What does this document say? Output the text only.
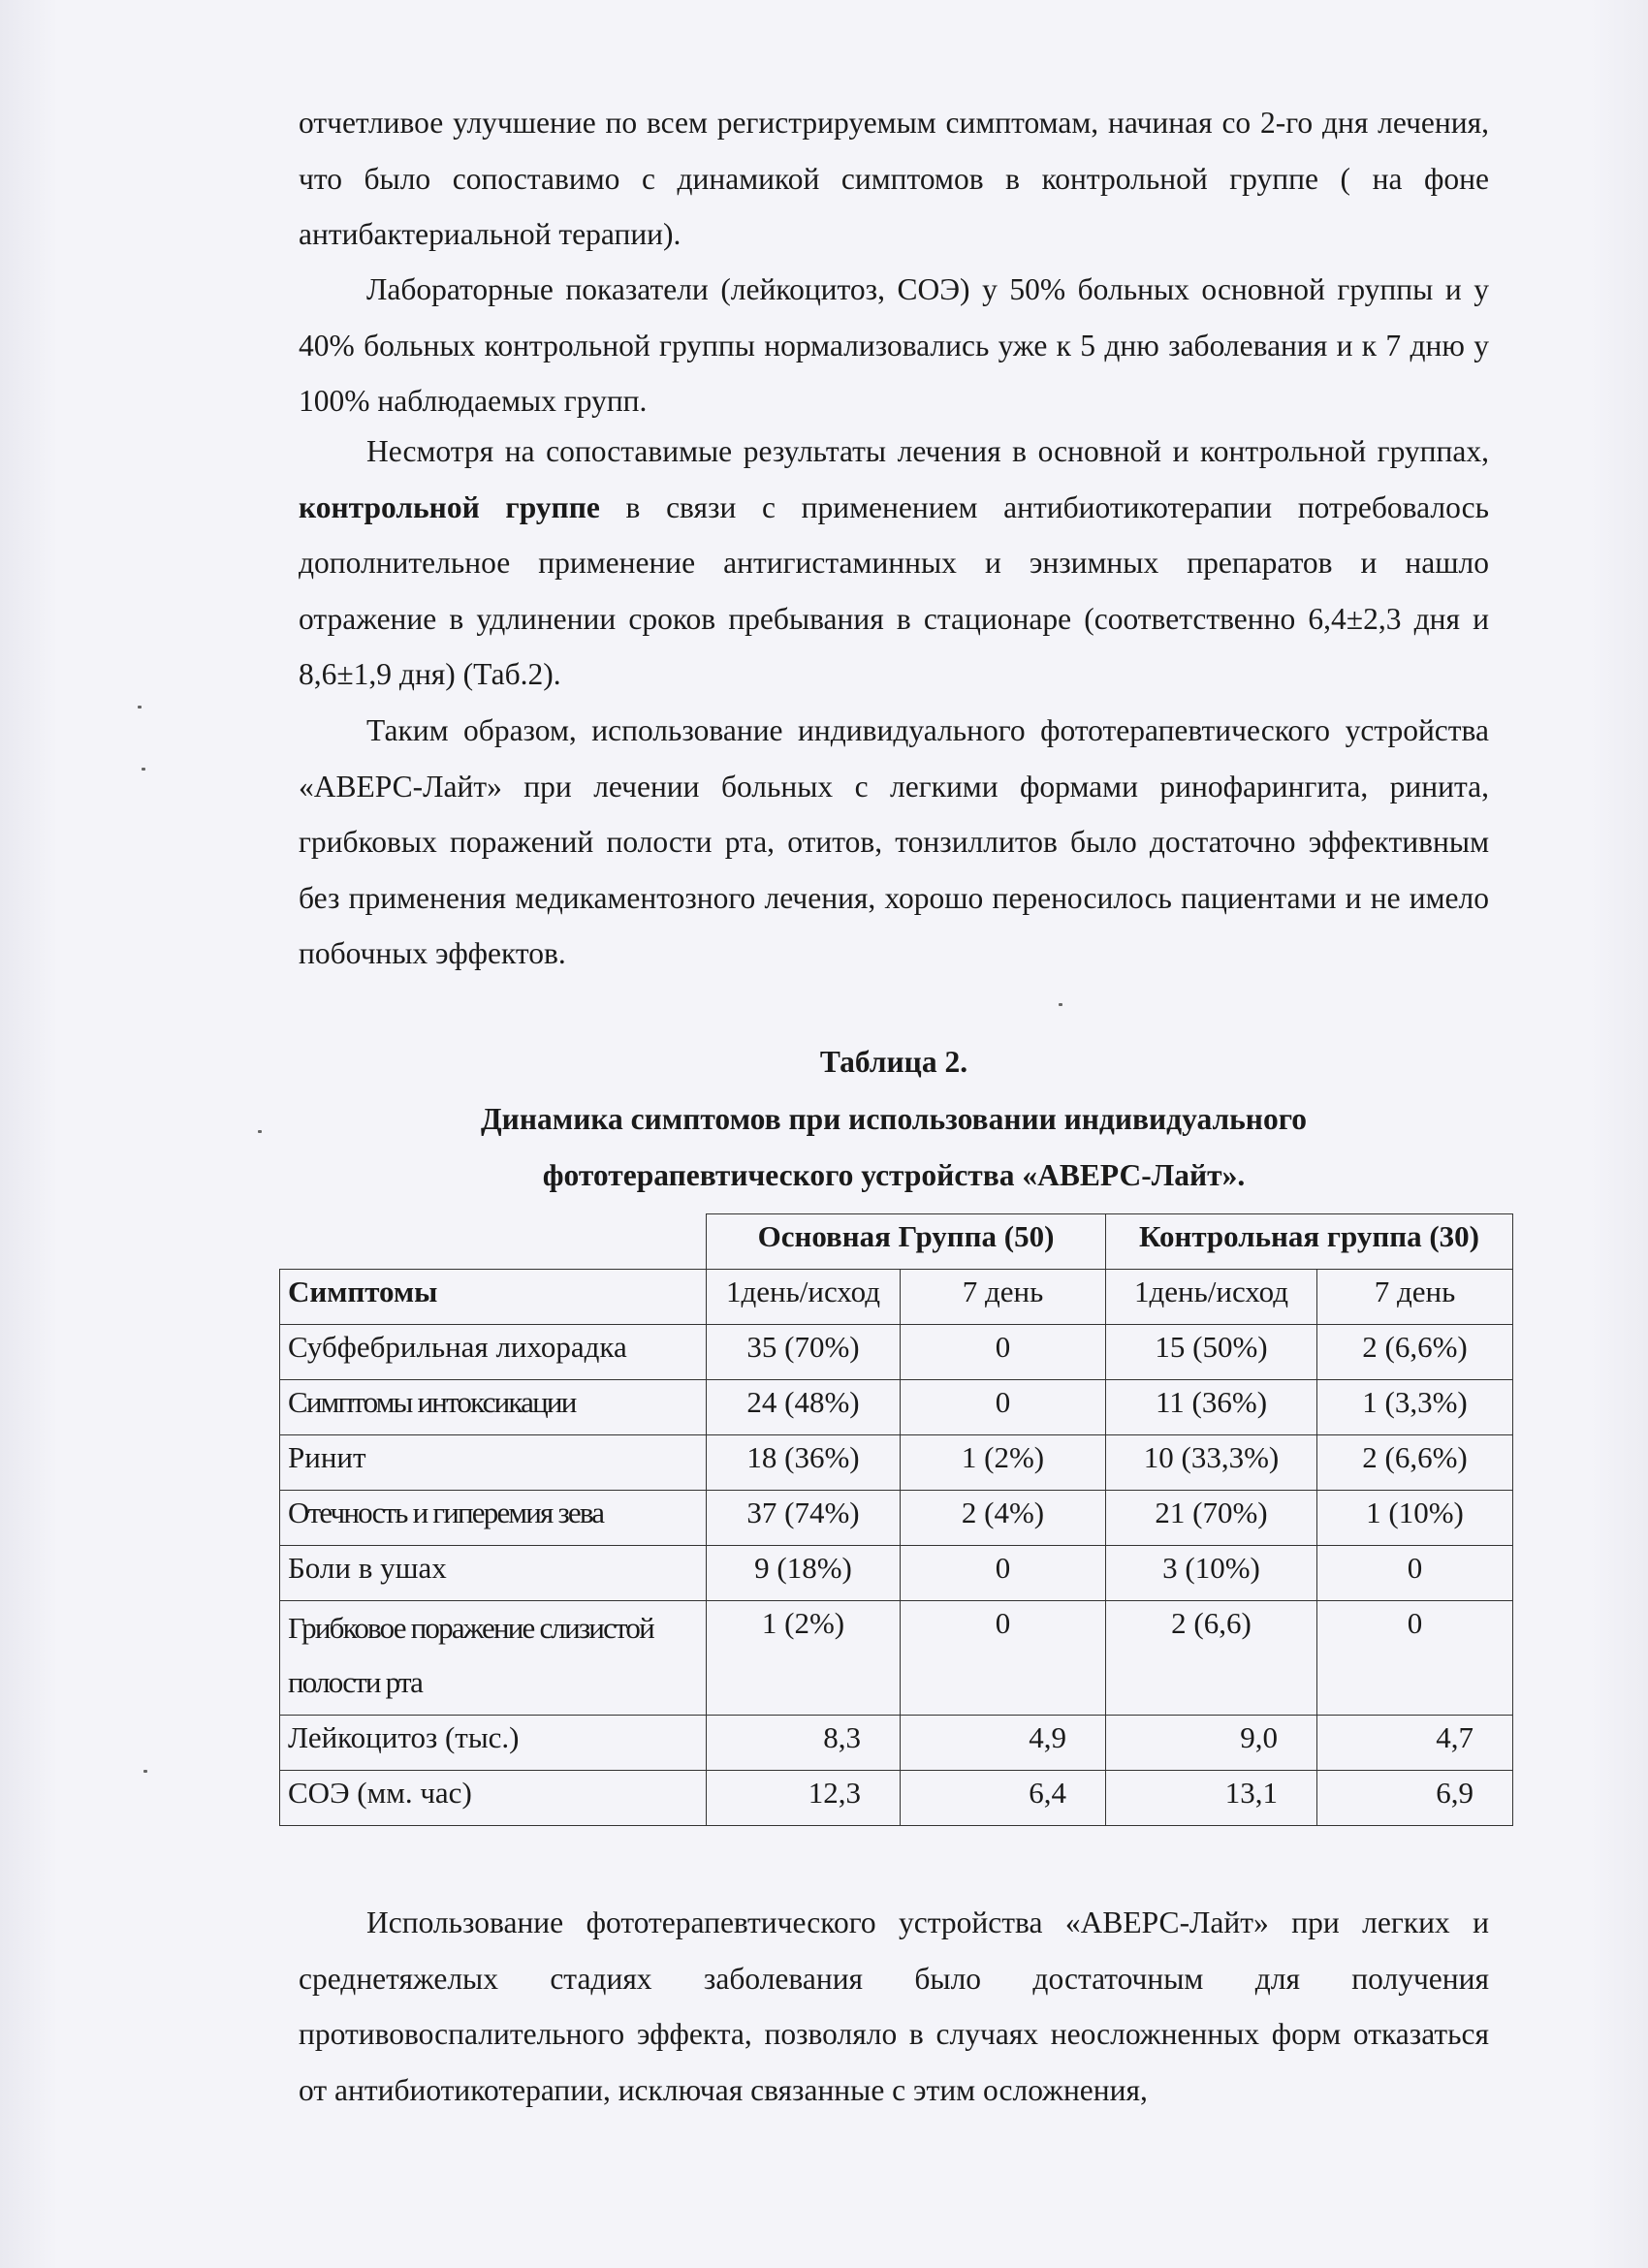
отчетливое улучшение по всем регистрируемым симптомам, начиная со 2-го дня лечения, что было сопоставимо с динамикой симптомов в контрольной группе ( на фоне антибактериальной терапии).

Лабораторные показатели (лейкоцитоз, СОЭ) у 50% больных основной группы и у 40% больных контрольной группы нормализовались уже к 5 дню заболевания и к 7 дню у 100% наблюдаемых групп.

Несмотря на сопоставимые результаты лечения в основной и контрольной группах, контрольной группе в связи с применением антибиотикотерапии потребовалось дополнительное применение антигистаминных и энзимных препаратов и нашло отражение в удлинении сроков пребывания в стационаре (соответственно 6,4±2,3 дня и 8,6±1,9 дня) (Таб.2).

Таким образом, использование индивидуального фототерапевтического устройства «АВЕРС-Лайт» при лечении больных с легкими формами ринофарингита, ринита, грибковых поражений полости рта, отитов, тонзиллитов было достаточно эффективным без применения медикаментозного лечения, хорошо переносилось пациентами и не имело побочных эффектов.

Таблица 2.

Динамика симптомов при использовании индивидуального

фототерапевтического устройства «АВЕРС-Лайт».

	Основная Группа (50)		Контрольная группа (30)	
Симптомы	1день/исход	7 день	1день/исход	7 день
Субфебрильная лихорадка	35 (70%)	0	15 (50%)	2 (6,6%)
Симптомы интоксикации	24 (48%)	0	11 (36%)	1 (3,3%)
Ринит	18 (36%)	1 (2%)	10 (33,3%)	2 (6,6%)
Отечность и гиперемия зева	37 (74%)	2 (4%)	21 (70%)	1 (10%)
Боли в ушах	9 (18%)	0	3 (10%)	0
Грибковое поражение слизистой полости рта	1 (2%)	0	2 (6,6)	0
Лейкоцитоз (тыс.)	8,3	4,9	9,0	4,7
СОЭ (мм. час)	12,3	6,4	13,1	6,9

Использование фототерапевтического устройства «АВЕРС-Лайт» при легких и среднетяжелых стадиях заболевания было достаточным для получения противовоспалительного эффекта, позволяло в случаях неосложненных форм отказаться от антибиотикотерапии, исключая связанные с этим осложнения,
